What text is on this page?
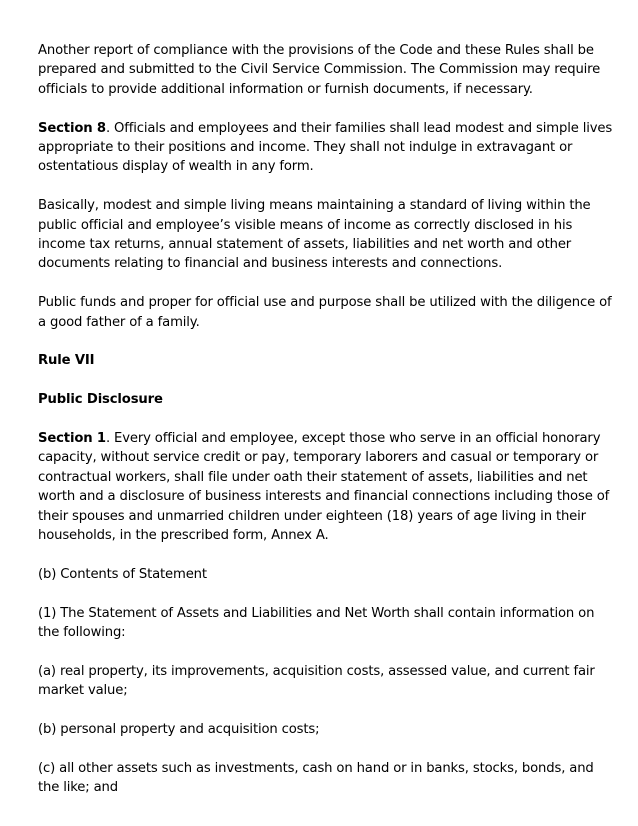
Another report of compliance with the provisions of the Code and these Rules shall be prepared and submitted to the Civil Service Commission. The Commission may require officials to provide additional information or furnish documents, if necessary.

Section 8. Officials and employees and their families shall lead modest and simple lives appropriate to their positions and income. They shall not indulge in extravagant or ostentatious display of wealth in any form.

Basically, modest and simple living means maintaining a standard of living within the public official and employee’s visible means of income as correctly disclosed in his income tax returns, annual statement of assets, liabilities and net worth and other documents relating to financial and business interests and connections.

Public funds and proper for official use and purpose shall be utilized with the diligence of a good father of a family.

Rule VII

Public Disclosure

Section 1. Every official and employee, except those who serve in an official honorary capacity, without service credit or pay, temporary laborers and casual or temporary or contractual workers, shall file under oath their statement of assets, liabilities and net worth and a disclosure of business interests and financial connections including those of their spouses and unmarried children under eighteen (18) years of age living in their households, in the prescribed form, Annex A.

(b) Contents of Statement

(1) The Statement of Assets and Liabilities and Net Worth shall contain information on the following:

(a) real property, its improvements, acquisition costs, assessed value, and current fair market value;

(b) personal property and acquisition costs;

(c) all other assets such as investments, cash on hand or in banks, stocks, bonds, and the like; and
